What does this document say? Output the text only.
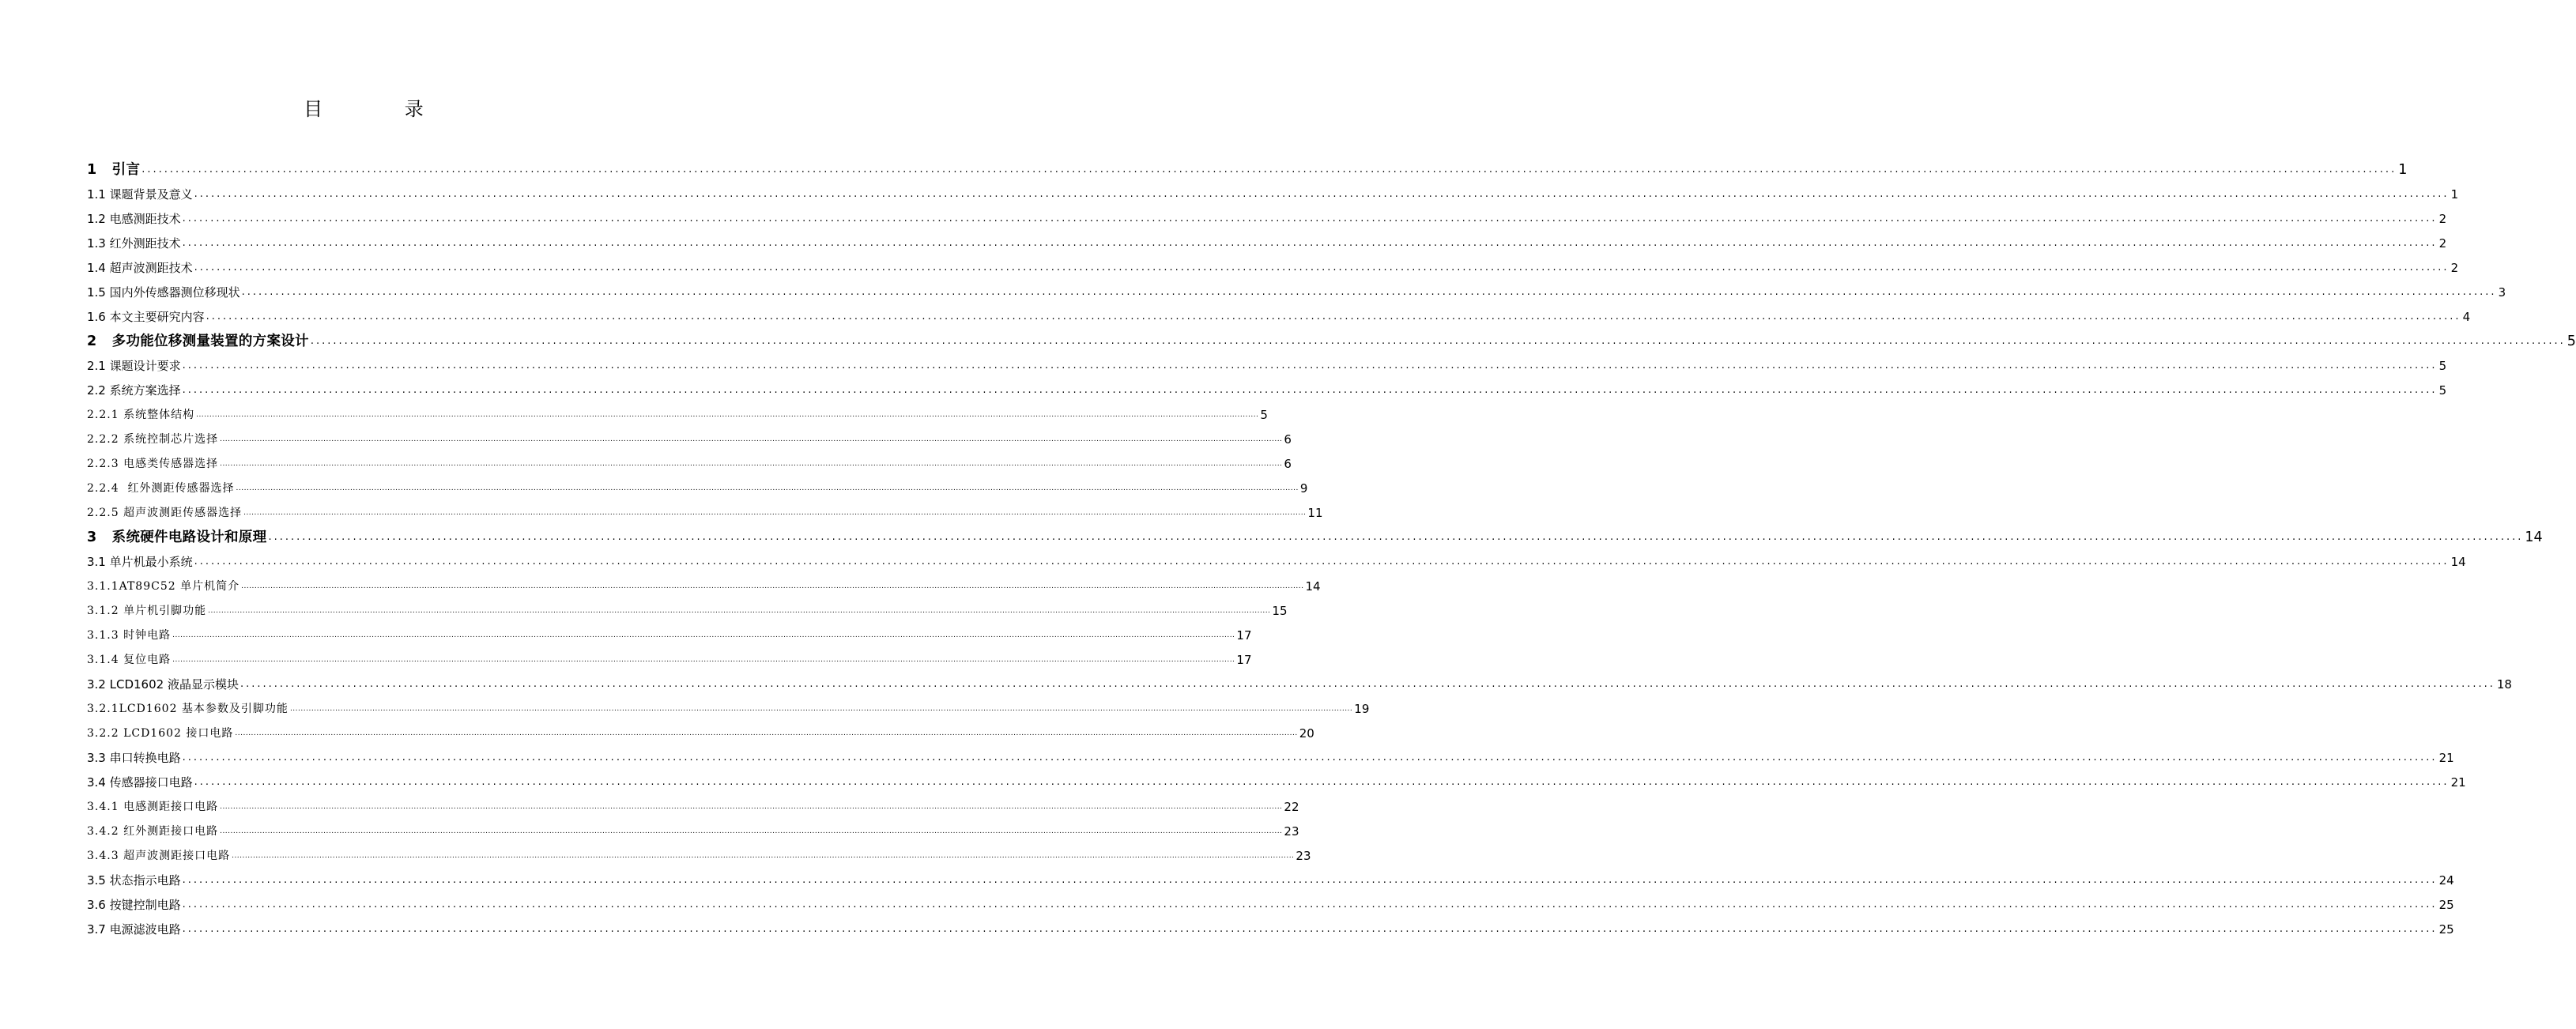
目 录
1   引言 ................................................................................................................................................................................................................................................................................................................................................................................................................ 1
1.1 课题背景及意义 ................................................................................................................................................................................................................................................................................................................................................................................................................ 1
1.2 电感测距技术 ................................................................................................................................................................................................................................................................................................................................................................................................................ 2
1.3 红外测距技术 ................................................................................................................................................................................................................................................................................................................................................................................................................ 2
1.4 超声波测距技术 ................................................................................................................................................................................................................................................................................................................................................................................................................ 2
1.5 国内外传感器测位移现状 ................................................................................................................................................................................................................................................................................................................................................................................................................ 3
1.6 本文主要研究内容 ................................................................................................................................................................................................................................................................................................................................................................................................................ 4
2   多功能位移测量装置的方案设计 ................................................................................................................................................................................................................................................................................................................................................................................................................ 5
2.1 课题设计要求 ................................................................................................................................................................................................................................................................................................................................................................................................................ 5
2.2 系统方案选择 ................................................................................................................................................................................................................................................................................................................................................................................................................ 5
2.2.1 系统整体结构 ................................................................................................................................................................................................................................................................................................................................................................................................................ 5
2.2.2 系统控制芯片选择 ................................................................................................................................................................................................................................................................................................................................................................................................................ 6
2.2.3 电感类传感器选择 ................................................................................................................................................................................................................................................................................................................................................................................................................ 6
2.2.4  红外测距传感器选择 ................................................................................................................................................................................................................................................................................................................................................................................................................ 9
2.2.5 超声波测距传感器选择 ................................................................................................................................................................................................................................................................................................................................................................................................................ 11
3   系统硬件电路设计和原理 ................................................................................................................................................................................................................................................................................................................................................................................................................ 14
3.1 单片机最小系统 ................................................................................................................................................................................................................................................................................................................................................................................................................ 14
3.1.1AT89C52 单片机简介 ................................................................................................................................................................................................................................................................................................................................................................................................................ 14
3.1.2 单片机引脚功能 ................................................................................................................................................................................................................................................................................................................................................................................................................ 15
3.1.3 时钟电路 ................................................................................................................................................................................................................................................................................................................................................................................................................ 17
3.1.4 复位电路 ................................................................................................................................................................................................................................................................................................................................................................................................................ 17
3.2 LCD1602 液晶显示模块 ................................................................................................................................................................................................................................................................................................................................................................................................................ 18
3.2.1LCD1602 基本参数及引脚功能 ................................................................................................................................................................................................................................................................................................................................................................................................................ 19
3.2.2 LCD1602 接口电路 ................................................................................................................................................................................................................................................................................................................................................................................................................ 20
3.3 串口转换电路 ................................................................................................................................................................................................................................................................................................................................................................................................................ 21
3.4 传感器接口电路 ................................................................................................................................................................................................................................................................................................................................................................................................................ 21
3.4.1 电感测距接口电路 ................................................................................................................................................................................................................................................................................................................................................................................................................ 22
3.4.2 红外测距接口电路 ................................................................................................................................................................................................................................................................................................................................................................................................................ 23
3.4.3 超声波测距接口电路 ................................................................................................................................................................................................................................................................................................................................................................................................................ 23
3.5 状态指示电路 ................................................................................................................................................................................................................................................................................................................................................................................................................ 24
3.6 按键控制电路 ................................................................................................................................................................................................................................................................................................................................................................................................................ 25
3.7 电源滤波电路 ................................................................................................................................................................................................................................................................................................................................................................................................................ 25
